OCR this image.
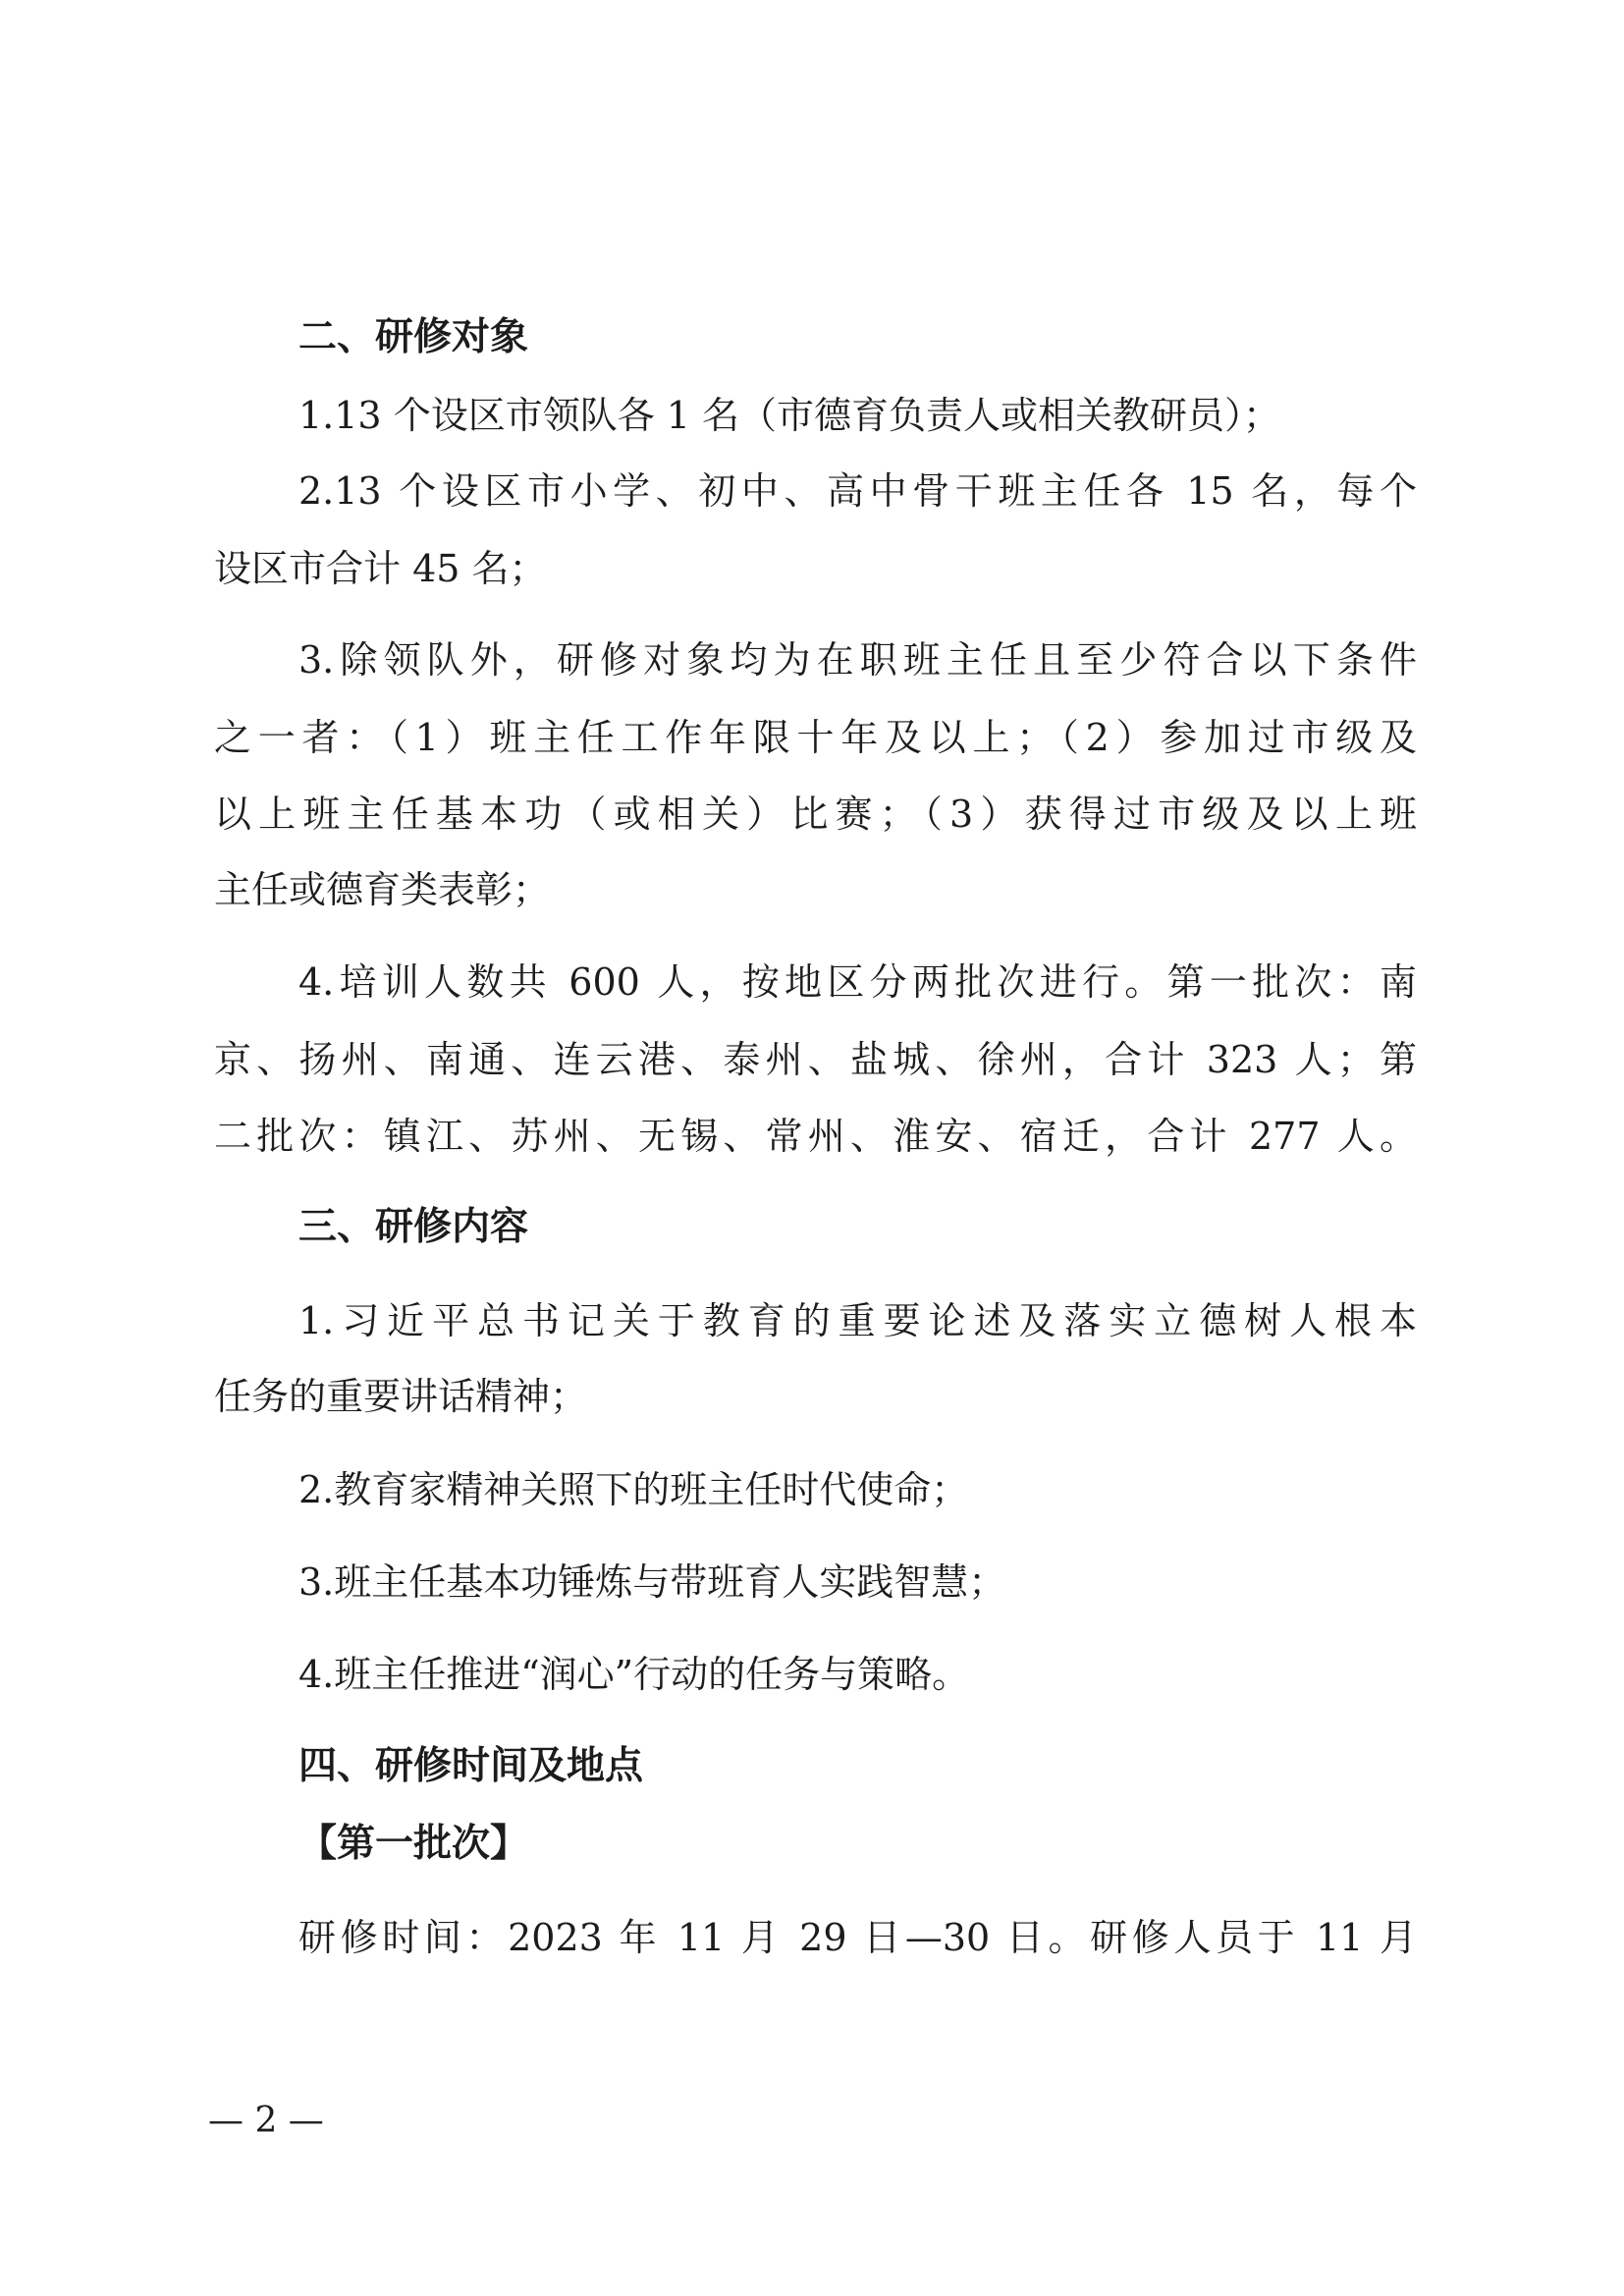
二、研修对象
1.13 个设区市领队各 1 名（市德育负责人或相关教研员）；
2.13 个设区市小学、初中、高中骨干班主任各 15 名，每个
设区市合计 45 名；
3.除领队外，研修对象均为在职班主任且至少符合以下条件
之一者：（1）班主任工作年限十年及以上；（2）参加过市级及
以上班主任基本功（或相关）比赛；（3）获得过市级及以上班
主任或德育类表彰；
4.培训人数共 600 人，按地区分两批次进行。第一批次：南
京、扬州、南通、连云港、泰州、盐城、徐州，合计 323 人；第
二批次：镇江、苏州、无锡、常州、淮安、宿迁，合计 277 人。
三、研修内容
1.习近平总书记关于教育的重要论述及落实立德树人根本
任务的重要讲话精神；
2.教育家精神关照下的班主任时代使命；
3.班主任基本功锤炼与带班育人实践智慧；
4.班主任推进“润心”行动的任务与策略。
四、研修时间及地点
【第一批次】
研修时间：2023 年 11 月 29 日—30 日。研修人员于 11 月
— 2 —
